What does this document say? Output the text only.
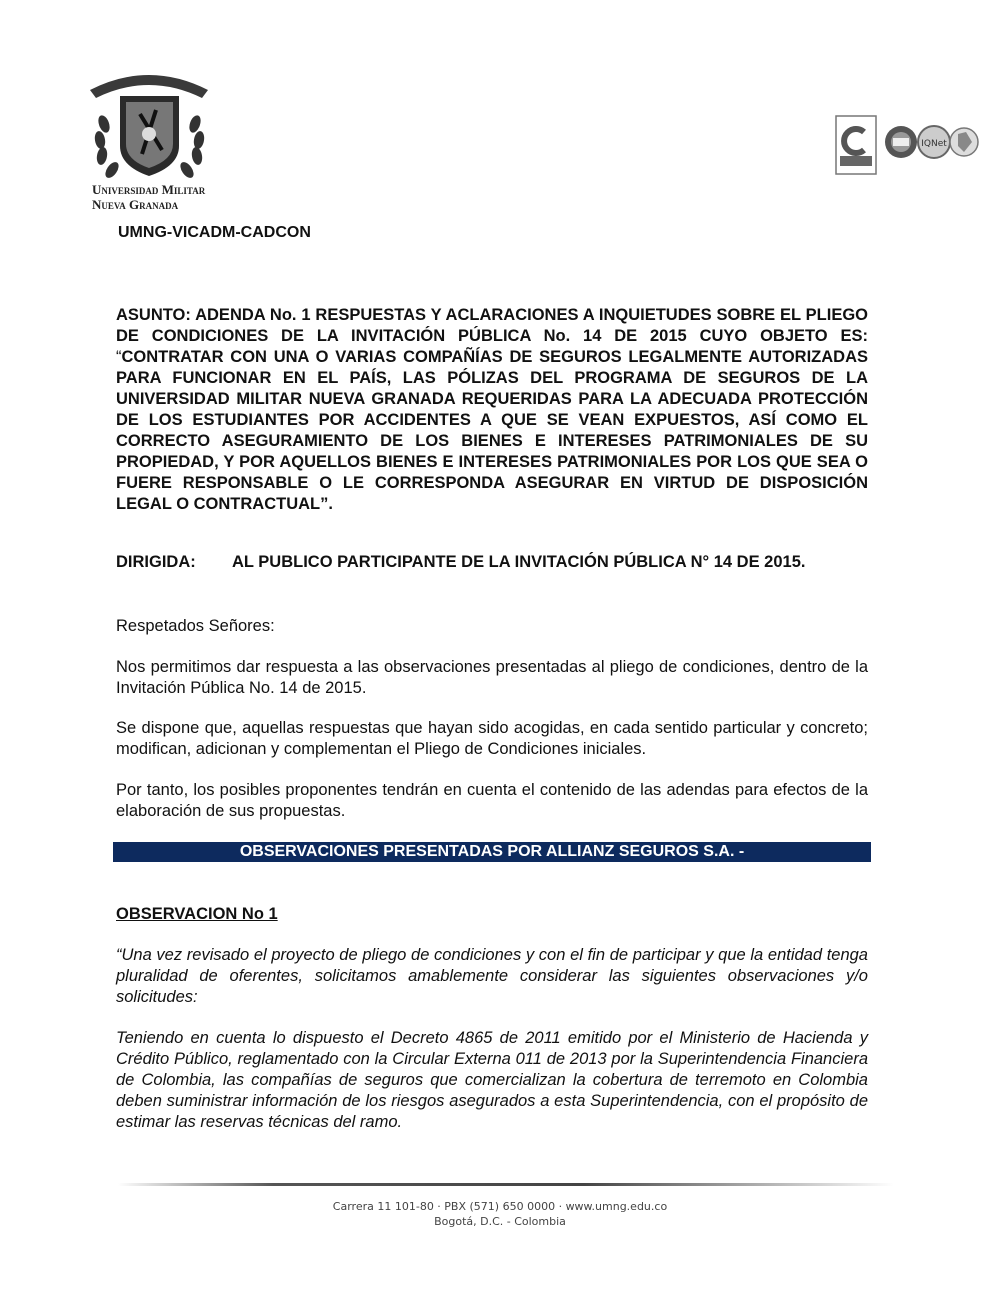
SCIENTIÆ · PATRIÆ · FAMILIÆ
Universidad Militar
Nueva Granada
IQNet
UMNG-VICADM-CADCON
ASUNTO: ADENDA No. 1 RESPUESTAS Y ACLARACIONES A INQUIETUDES SOBRE EL PLIEGO DE CONDICIONES DE LA INVITACIÓN PÚBLICA No. 14 DE 2015 CUYO OBJETO ES: “CONTRATAR CON UNA O VARIAS COMPAÑÍAS DE SEGUROS LEGALMENTE AUTORIZADAS PARA FUNCIONAR EN EL PAÍS, LAS PÓLIZAS DEL PROGRAMA DE SEGUROS DE LA UNIVERSIDAD MILITAR NUEVA GRANADA REQUERIDAS PARA LA ADECUADA PROTECCIÓN DE LOS ESTUDIANTES POR ACCIDENTES A QUE SE VEAN EXPUESTOS, ASÍ COMO EL CORRECTO ASEGURAMIENTO DE LOS BIENES E INTERESES PATRIMONIALES DE SU PROPIEDAD, Y POR AQUELLOS BIENES E INTERESES PATRIMONIALES POR LOS QUE SEA O FUERE RESPONSABLE O LE CORRESPONDA ASEGURAR EN VIRTUD DE DISPOSICIÓN LEGAL O CONTRACTUAL”.
DIRIGIDA: AL PUBLICO PARTICIPANTE DE LA INVITACIÓN PÚBLICA N° 14 DE 2015.
Respetados Señores:
Nos permitimos dar respuesta a las observaciones presentadas al pliego de condiciones, dentro de la Invitación Pública No. 14 de 2015.
Se dispone que, aquellas respuestas que hayan sido acogidas, en cada sentido particular y concreto; modifican, adicionan y complementan el Pliego de Condiciones iniciales.
Por tanto, los posibles proponentes tendrán en cuenta el contenido de las adendas para efectos de la elaboración de sus propuestas.
OBSERVACIONES PRESENTADAS POR ALLIANZ SEGUROS S.A. -
OBSERVACION No 1
“Una vez revisado el proyecto de pliego de condiciones y con el fin de participar y que la entidad tenga pluralidad de oferentes, solicitamos amablemente considerar las siguientes observaciones y/o solicitudes:
Teniendo en cuenta lo dispuesto el Decreto 4865 de 2011 emitido por el Ministerio de Hacienda y Crédito Público, reglamentado con la Circular Externa 011 de 2013 por la Superintendencia Financiera de Colombia, las compañías de seguros que comercializan la cobertura de terremoto en Colombia deben suministrar información de los riesgos asegurados a esta Superintendencia, con el propósito de estimar las reservas técnicas del ramo.
Carrera 11 101-80 · PBX (571) 650 0000 · www.umng.edu.co
Bogotá, D.C. - Colombia
